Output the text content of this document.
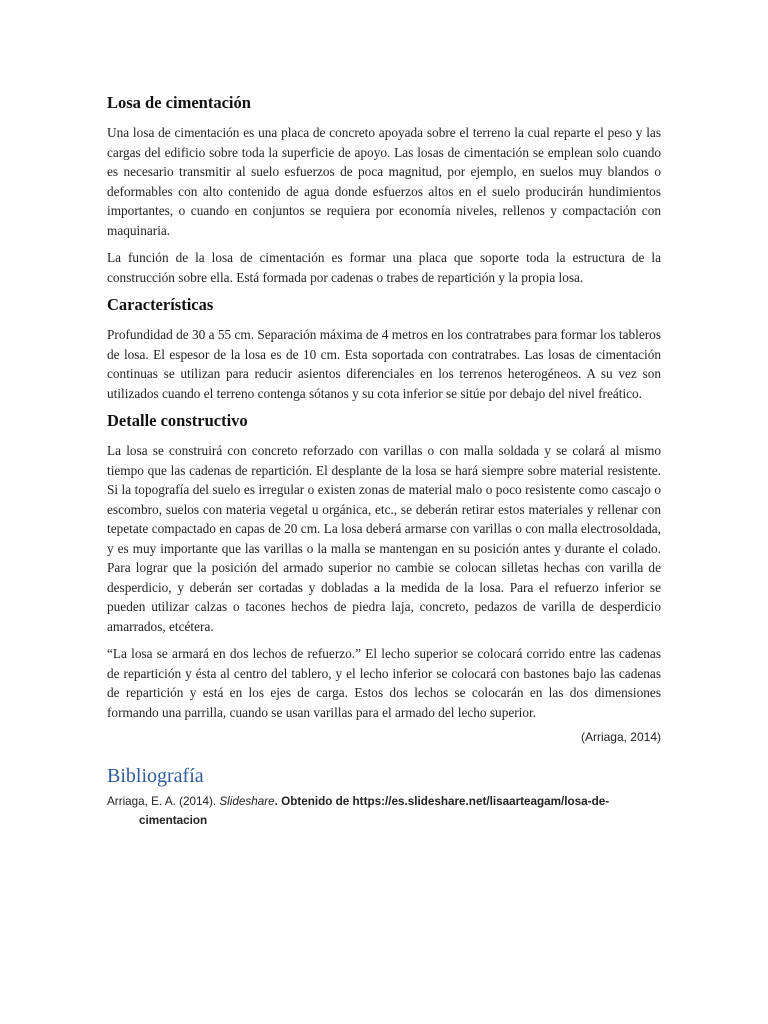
Losa de cimentación

Una losa de cimentación es una placa de concreto apoyada sobre el terreno la cual reparte el peso y las cargas del edificio sobre toda la superficie de apoyo. Las losas de cimentación se emplean solo cuando es necesario transmitir al suelo esfuerzos de poca magnitud, por ejemplo, en suelos muy blandos o deformables con alto contenido de agua donde esfuerzos altos en el suelo producirán hundimientos importantes, o cuando en conjuntos se requiera por economía niveles, rellenos y compactación con maquinaria.

La función de la losa de cimentación es formar una placa que soporte toda la estructura de la construcción sobre ella. Está formada por cadenas o trabes de repartición y la propia losa.

Características

Profundidad de 30 a 55 cm. Separación máxima de 4 metros en los contratrabes para formar los tableros de losa. El espesor de la losa es de 10 cm. Esta soportada con contratrabes. Las losas de cimentación continuas se utilizan para reducir asientos diferenciales en los terrenos heterogéneos. A su vez son utilizados cuando el terreno contenga sótanos y su cota inferior se sitúe por debajo del nivel freático.

Detalle constructivo

La losa se construirá con concreto reforzado con varillas o con malla soldada y se colará al mismo tiempo que las cadenas de repartición. El desplante de la losa se hará siempre sobre material resistente. Si la topografía del suelo es irregular o existen zonas de material malo o poco resistente como cascajo o escombro, suelos con materia vegetal u orgánica, etc., se deberán retirar estos materiales y rellenar con tepetate compactado en capas de 20 cm. La losa deberá armarse con varillas o con malla electrosoldada, y es muy importante que las varillas o la malla se mantengan en su posición antes y durante el colado. Para lograr que la posición del armado superior no cambie se colocan silletas hechas con varilla de desperdicio, y deberán ser cortadas y dobladas a la medida de la losa. Para el refuerzo inferior se pueden utilizar calzas o tacones hechos de piedra laja, concreto, pedazos de varilla de desperdicio amarrados, etcétera.

“La losa se armará en dos lechos de refuerzo.” El lecho superior se colocará corrido entre las cadenas de repartición y ésta al centro del tablero, y el lecho inferior se colocará con bastones bajo las cadenas de repartición y está en los ejes de carga. Estos dos lechos se colocarán en las dos dimensiones formando una parrilla, cuando se usan varillas para el armado del lecho superior.

(Arriaga, 2014)
Bibliografía
Arriaga, E. A. (2014). Slideshare. Obtenido de https://es.slideshare.net/lisaarteagam/losa-de-cimentacion
